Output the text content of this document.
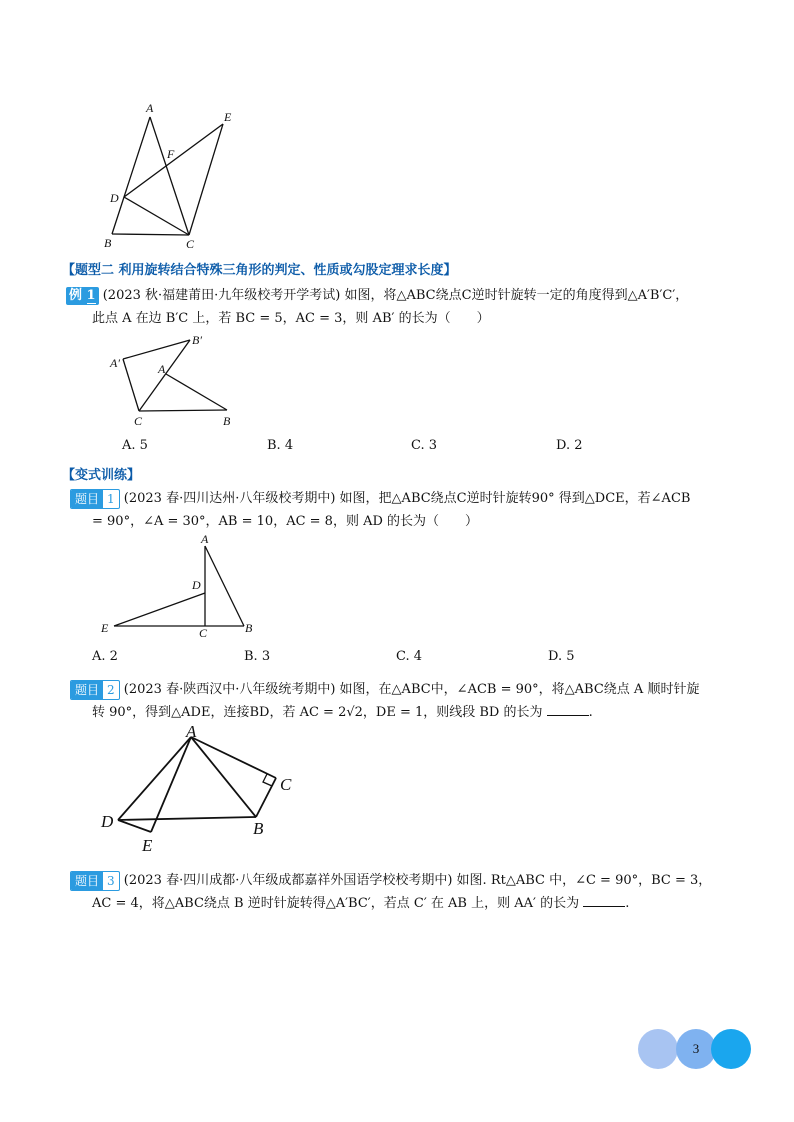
A
E
F
D
B	C
【题型二 利用旋转结合特殊三角形的判定、性质或勾股定理求长度】
例 1 (2023 秋·福建莆田·九年级校考开学考试) 如图，将△ABC绕点C逆时针旋转一定的角度得到△A′B′C′，
此点 A 在边 B′C 上，若 BC = 5，AC = 3，则 AB′ 的长为（　　）
A′
B′
A
C	B
A. 5	B. 4	C. 3	D. 2
【变式训练】
题目 1 (2023 春·四川达州·八年级校考期中) 如图，把△ABC绕点C逆时针旋转90° 得到△DCE，若∠ACB
= 90°，∠A = 30°，AB = 10，AC = 8，则 AD 的长为（　　）
A
D
E	C	B
A. 2	B. 3	C. 4	D. 5
题目 2 (2023 春·陕西汉中·八年级统考期中) 如图，在△ABC中，∠ACB = 90°，将△ABC绕点 A 顺时针旋
转 90°，得到△ADE，连接BD，若 AC = 2√2，DE = 1，则线段 BD 的长为	.
A
C
D	B
E
题目 3 (2023 春·四川成都·八年级成都嘉祥外国语学校校考期中) 如图. Rt△ABC 中，∠C = 90°，BC = 3，
AC = 4，将△ABC绕点 B 逆时针旋转得△A′BC′，若点 C′ 在 AB 上，则 AA′ 的长为	.
3
